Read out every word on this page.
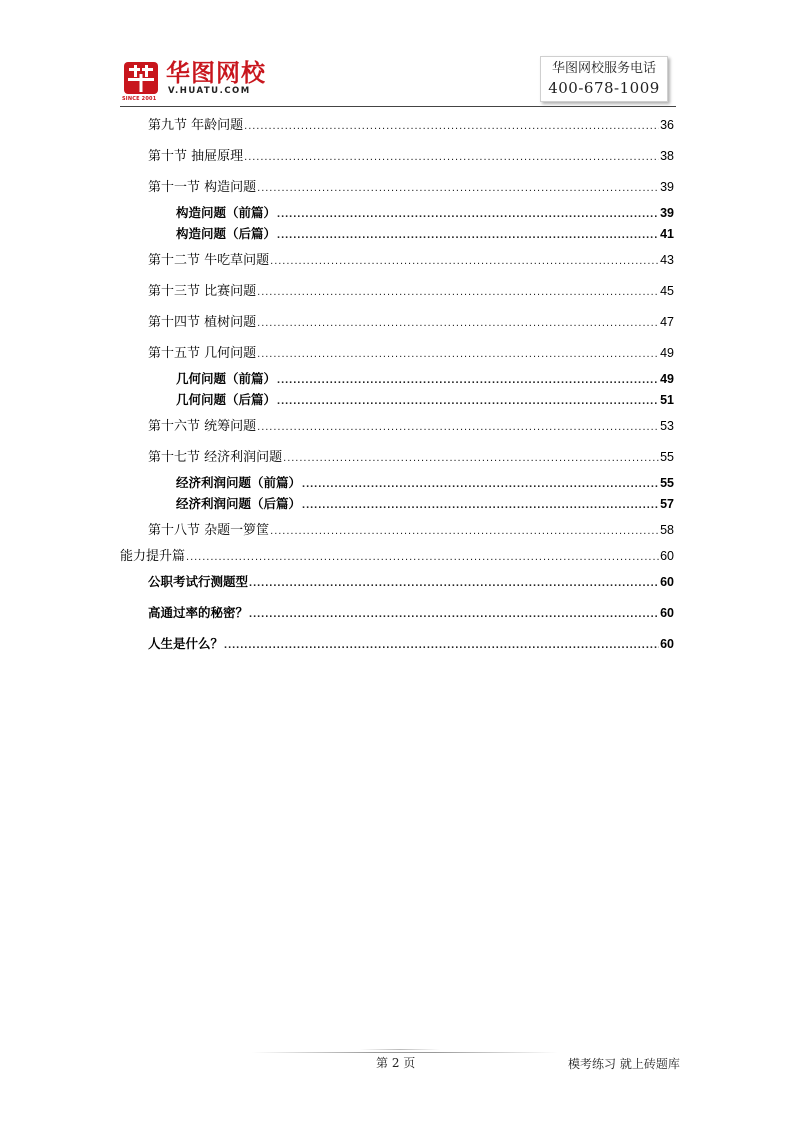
SINCE 2001
华图网校
V.HUATU.COM
华图网校服务电话
400-678-1009
第九节 年龄问题 .....	36
第十节 抽屉原理 .....	38
第十一节 构造问题 .....	39
构造问题（前篇） .....	39
构造问题（后篇） .....	41
第十二节 牛吃草问题 .....	43
第十三节 比赛问题 .....	45
第十四节 植树问题 .....	47
第十五节 几何问题 .....	49
几何问题（前篇） .....	49
几何问题（后篇） .....	51
第十六节 统筹问题 .....	53
第十七节 经济利润问题 .....	55
经济利润问题（前篇） .....	55
经济利润问题（后篇） .....	57
第十八节 杂题一箩筐 .....	58
能力提升篇 .....	60
公职考试行测题型 .....	60
高通过率的秘密？ .....	60
人生是什么？ .....	60
第 2 页	模考练习 就上砖题库
